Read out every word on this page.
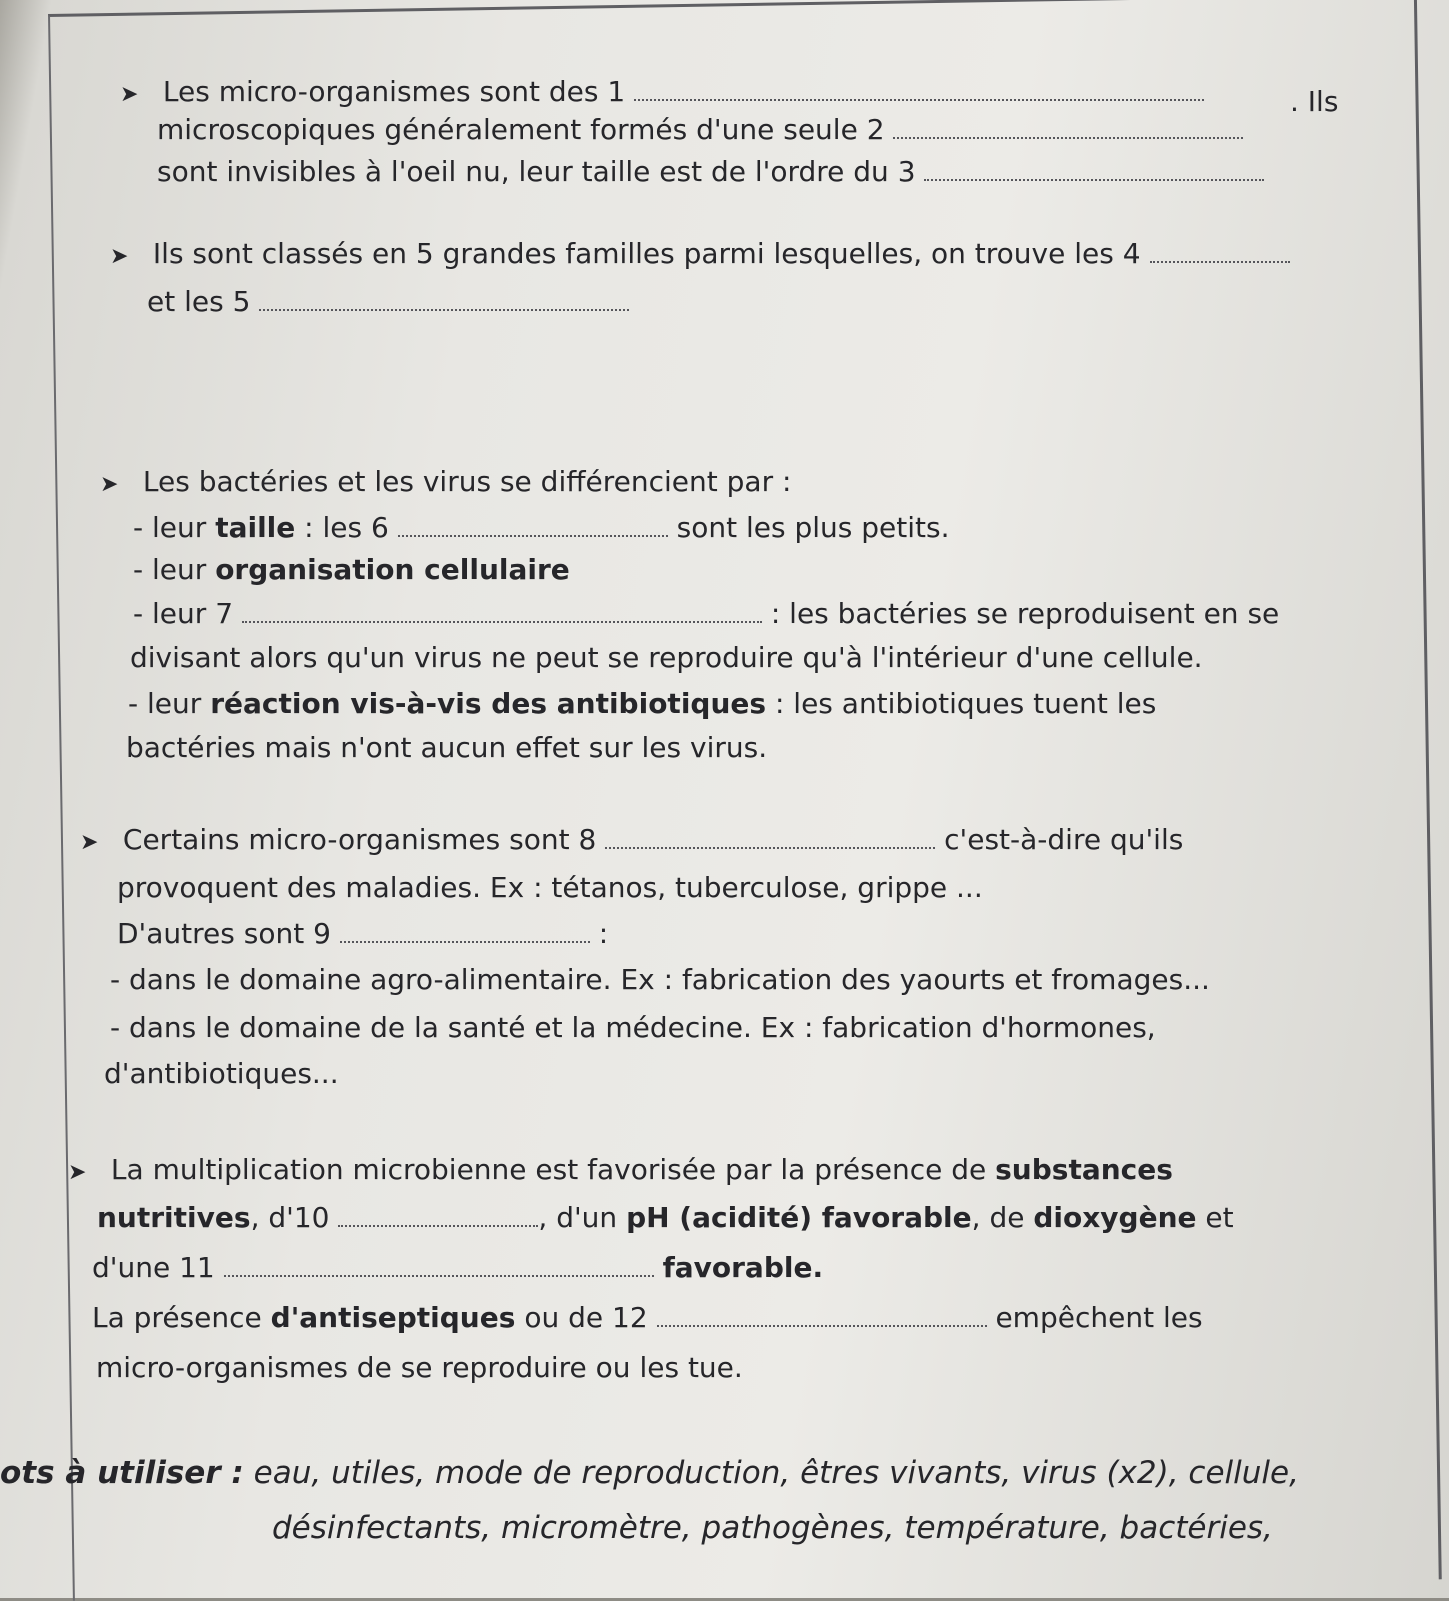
➤ Les micro-organismes sont des 1	. Ils
microscopiques généralement formés d'une seule 2
sont invisibles à l'oeil nu, leur taille est de l'ordre du 3
➤ Ils sont classés en 5 grandes familles parmi lesquelles, on trouve les 4
et les 5
➤ Les bactéries et les virus se différencient par :
- leur taille : les 6	sont les plus petits.
- leur organisation cellulaire
- leur 7	: les bactéries se reproduisent en se
divisant alors qu'un virus ne peut se reproduire qu'à l'intérieur d'une cellule.
- leur réaction vis-à-vis des antibiotiques : les antibiotiques tuent les
bactéries mais n'ont aucun effet sur les virus.
➤ Certains micro-organismes sont 8	c'est-à-dire qu'ils
provoquent des maladies. Ex : tétanos, tuberculose, grippe ...
D'autres sont 9	:
- dans le domaine agro-alimentaire. Ex : fabrication des yaourts et fromages...
- dans le domaine de la santé et la médecine. Ex : fabrication d'hormones,
d'antibiotiques...
➤ La multiplication microbienne est favorisée par la présence de substances
nutritives, d'10	, d'un pH (acidité) favorable, de dioxygène et
d'une 11	favorable.
La présence d'antiseptiques ou de 12	empêchent les
micro-organismes de se reproduire ou les tue.
ots à utiliser : eau, utiles, mode de reproduction, êtres vivants, virus (x2), cellule,
désinfectants, micromètre, pathogènes, température, bactéries,
